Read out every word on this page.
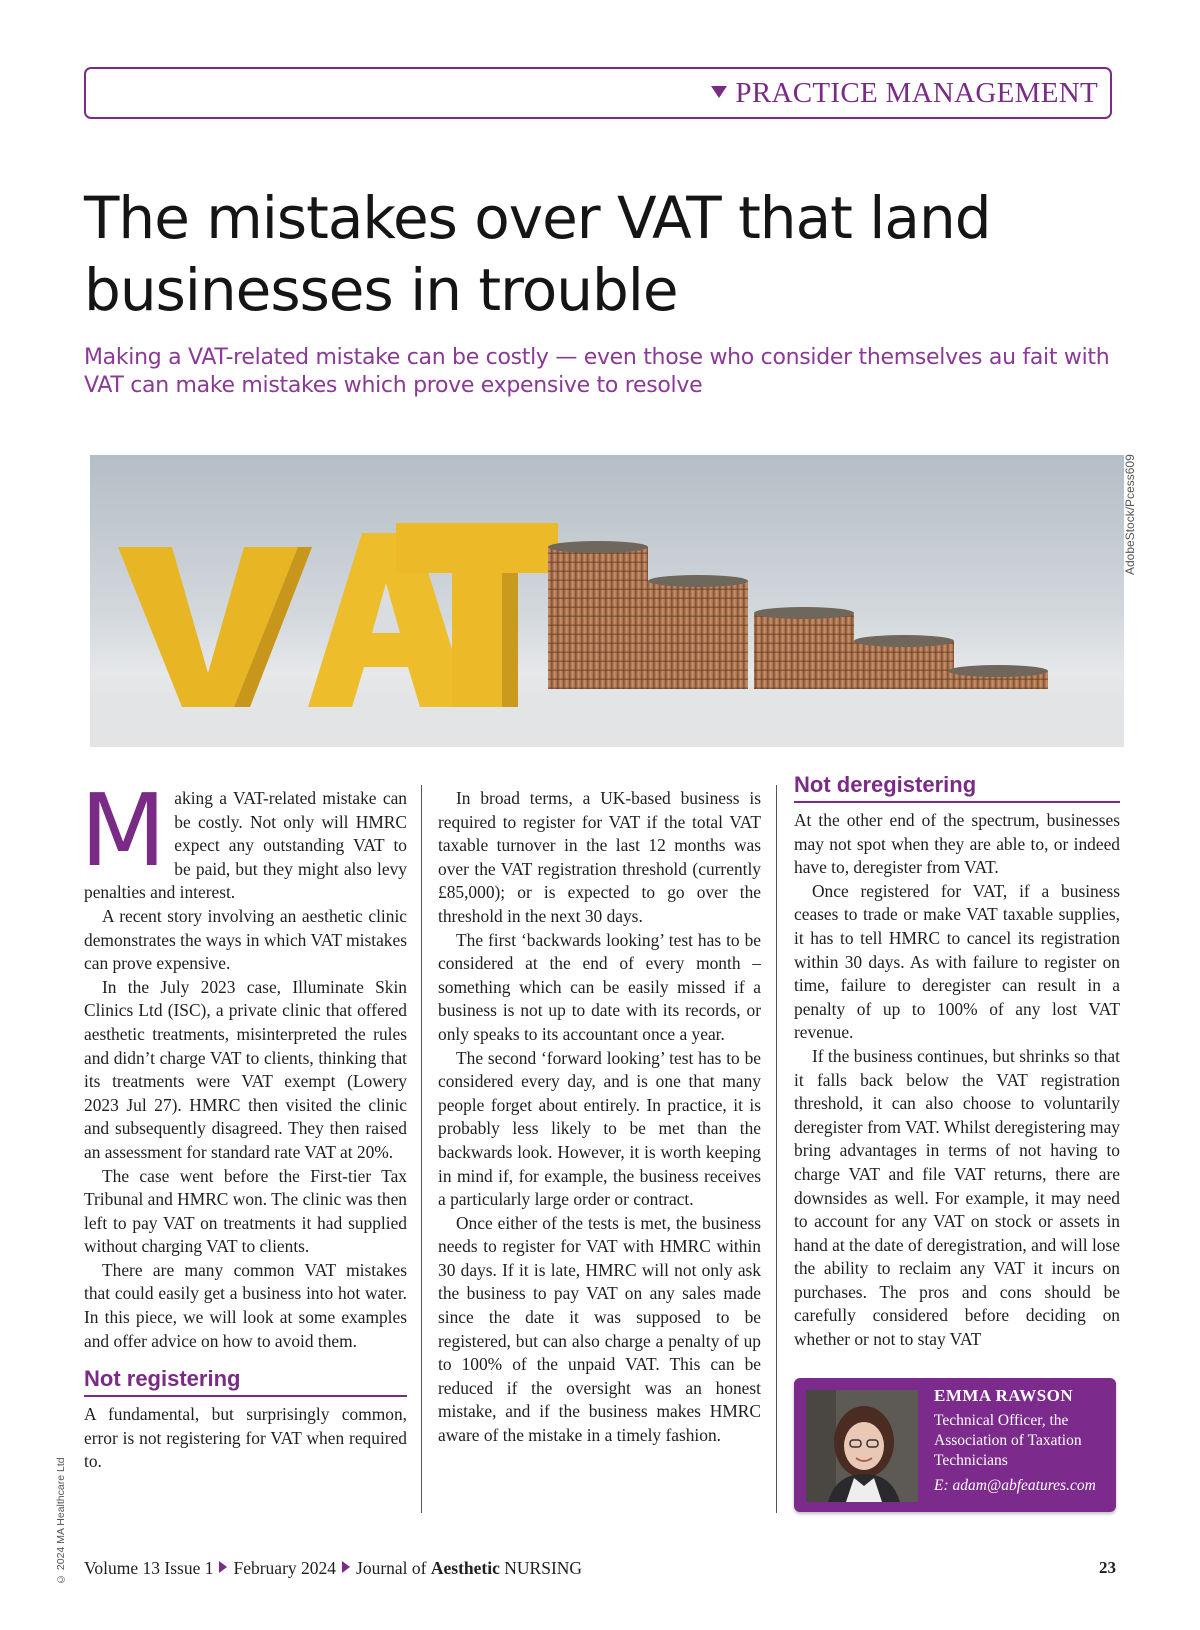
PRACTICE MANAGEMENT
The mistakes over VAT that land businesses in trouble

Making a VAT-related mistake can be costly — even those who consider themselves au fait with VAT can make mistakes which prove expensive to resolve

AdobeStock/Pcess609

Making a VAT-related mistake can be costly. Not only will HMRC expect any outstanding VAT to be paid, but they might also levy penalties and interest.

A recent story involving an aesthetic clinic demonstrates the ways in which VAT mistakes can prove expensive.

In the July 2023 case, Illuminate Skin Clinics Ltd (ISC), a private clinic that offered aesthetic treatments, misinterpreted the rules and didn’t charge VAT to clients, thinking that its treatments were VAT exempt (Lowery 2023 Jul 27). HMRC then visited the clinic and subsequently disagreed. They then raised an assessment for standard rate VAT at 20%.

The case went before the First-tier Tax Tribunal and HMRC won. The clinic was then left to pay VAT on treatments it had supplied without charging VAT to clients.

There are many common VAT mistakes that could easily get a business into hot water. In this piece, we will look at some examples and offer advice on how to avoid them.

Not registering

A fundamental, but surprisingly common, error is not registering for VAT when required to.

In broad terms, a UK-based business is required to register for VAT if the total VAT taxable turnover in the last 12 months was over the VAT registration threshold (currently £85,000); or is expected to go over the threshold in the next 30 days.

The first ‘backwards looking’ test has to be considered at the end of every month – something which can be easily missed if a business is not up to date with its records, or only speaks to its accountant once a year.

The second ‘forward looking’ test has to be considered every day, and is one that many people forget about entirely. In practice, it is probably less likely to be met than the backwards look. However, it is worth keeping in mind if, for example, the business receives a particularly large order or contract.

Once either of the tests is met, the business needs to register for VAT with HMRC within 30 days. If it is late, HMRC will not only ask the business to pay VAT on any sales made since the date it was supposed to be registered, but can also charge a penalty of up to 100% of the unpaid VAT. This can be reduced if the oversight was an honest mistake, and if the business makes HMRC aware of the mistake in a timely fashion.

Not deregistering

At the other end of the spectrum, businesses may not spot when they are able to, or indeed have to, deregister from VAT.

Once registered for VAT, if a business ceases to trade or make VAT taxable supplies, it has to tell HMRC to cancel its registration within 30 days. As with failure to register on time, failure to deregister can result in a penalty of up to 100% of any lost VAT revenue.

If the business continues, but shrinks so that it falls back below the VAT registration threshold, it can also choose to voluntarily deregister from VAT. Whilst deregistering may bring advantages in terms of not having to charge VAT and file VAT returns, there are downsides as well. For example, it may need to account for any VAT on stock or assets in hand at the date of deregistration, and will lose the ability to reclaim any VAT it incurs on purchases. The pros and cons should be carefully considered before deciding on whether or not to stay VAT

EMMA RAWSON
Technical Officer, the Association of Taxation Technicians
E: adam@abfeatures.com
© 2024 MA Healthcare Ltd Volume 13 Issue 1 February 2024 Journal of Aesthetic NURSING	23
